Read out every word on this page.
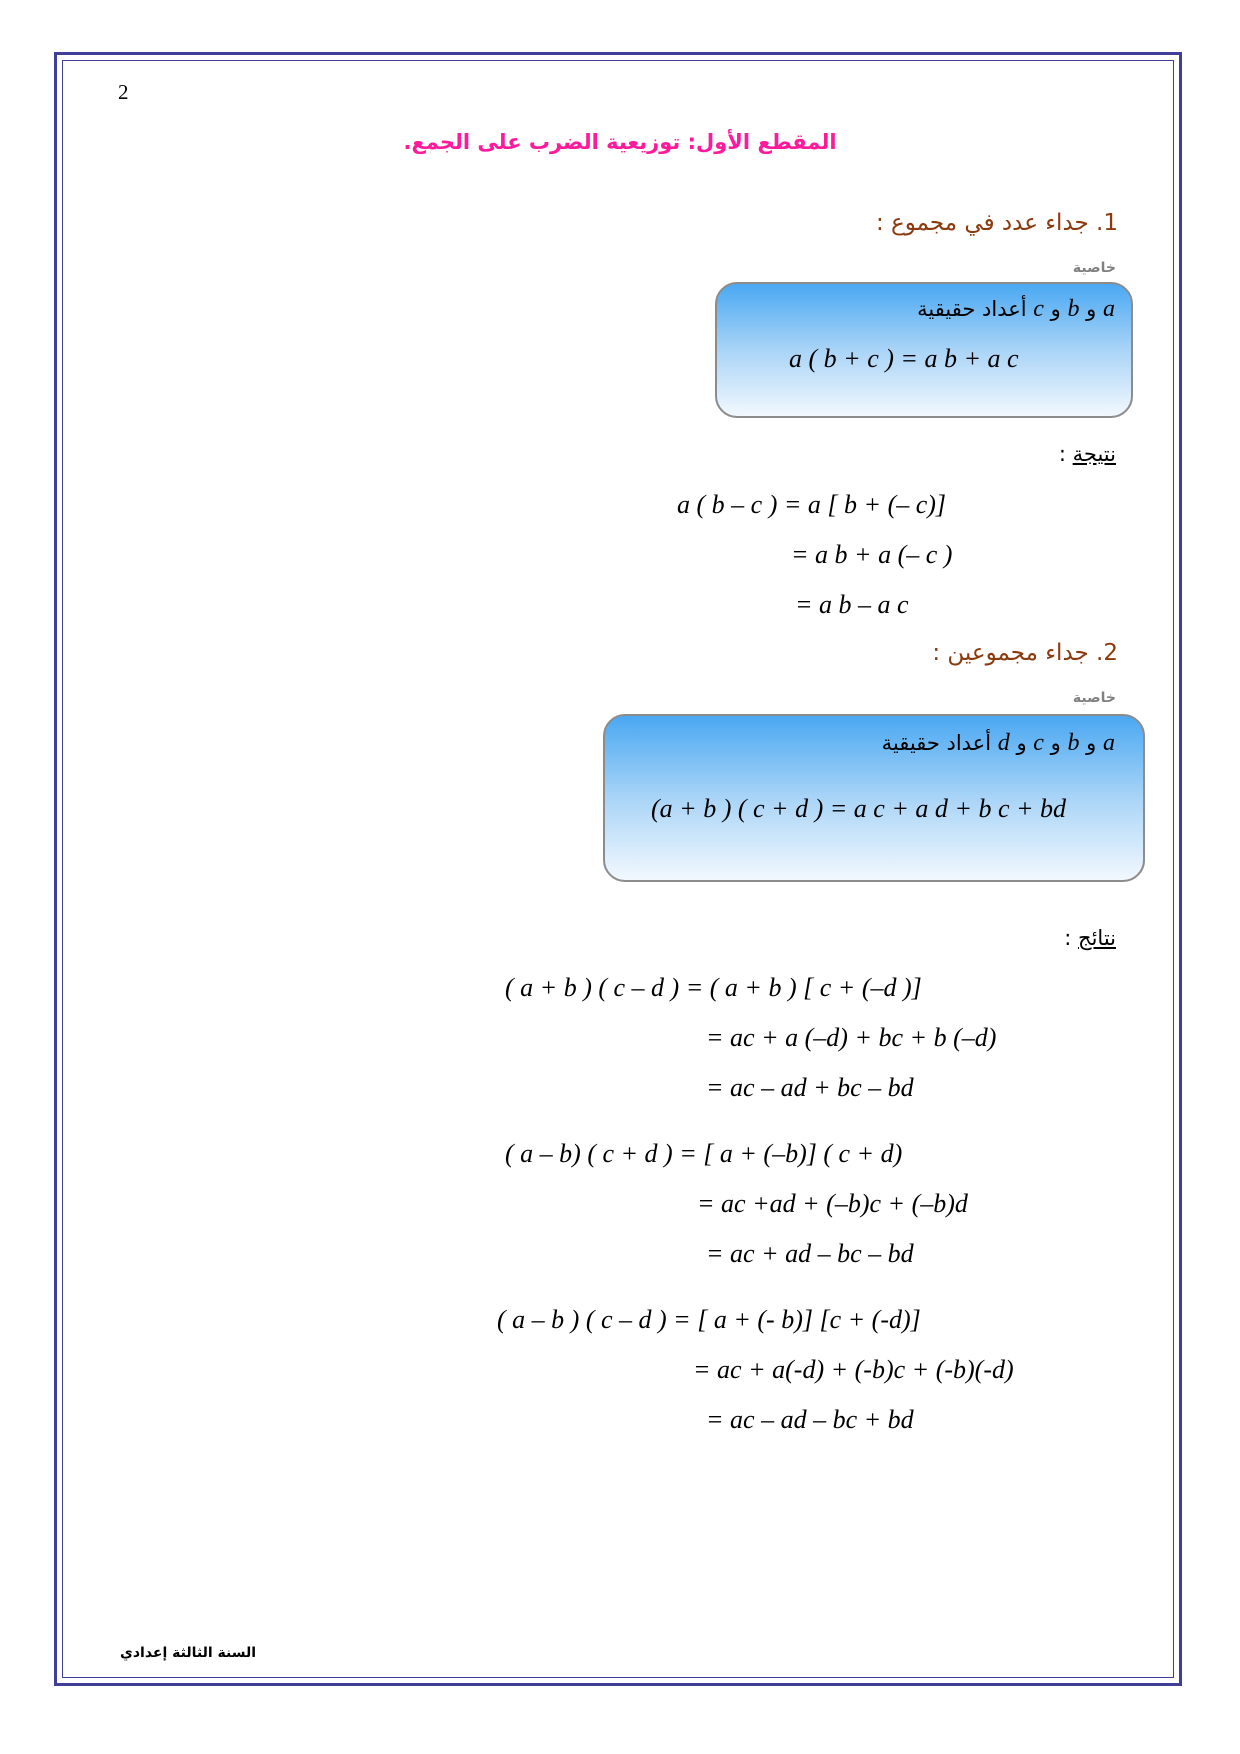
2
المقطع الأول: توزيعية الضرب على الجمع.
1. جداء عدد في مجموع :
خاصية
a و b و c أعداد حقيقية
a ( b + c ) = a b + a c
نتيجة :
a ( b – c ) = a [ b + (– c)]
= a b + a (– c )
= a b – a c
2. جداء مجموعين :
خاصية
a و b و c و d أعداد حقيقية
(a + b ) ( c + d ) = a c + a d + b c + bd
نتائج :
( a + b ) ( c – d ) = ( a + b ) [ c + (–d )]
= ac + a (–d) + bc + b (–d)
= ac – ad + bc – bd
( a – b) ( c + d ) = [ a + (–b)] ( c + d)
= ac +ad + (–b)c + (–b)d
= ac + ad – bc – bd
( a – b ) ( c – d ) = [ a + (- b)] [c + (-d)]
= ac + a(-d) + (-b)c + (-b)(-d)
= ac – ad – bc + bd
السنة الثالثة إعدادي
